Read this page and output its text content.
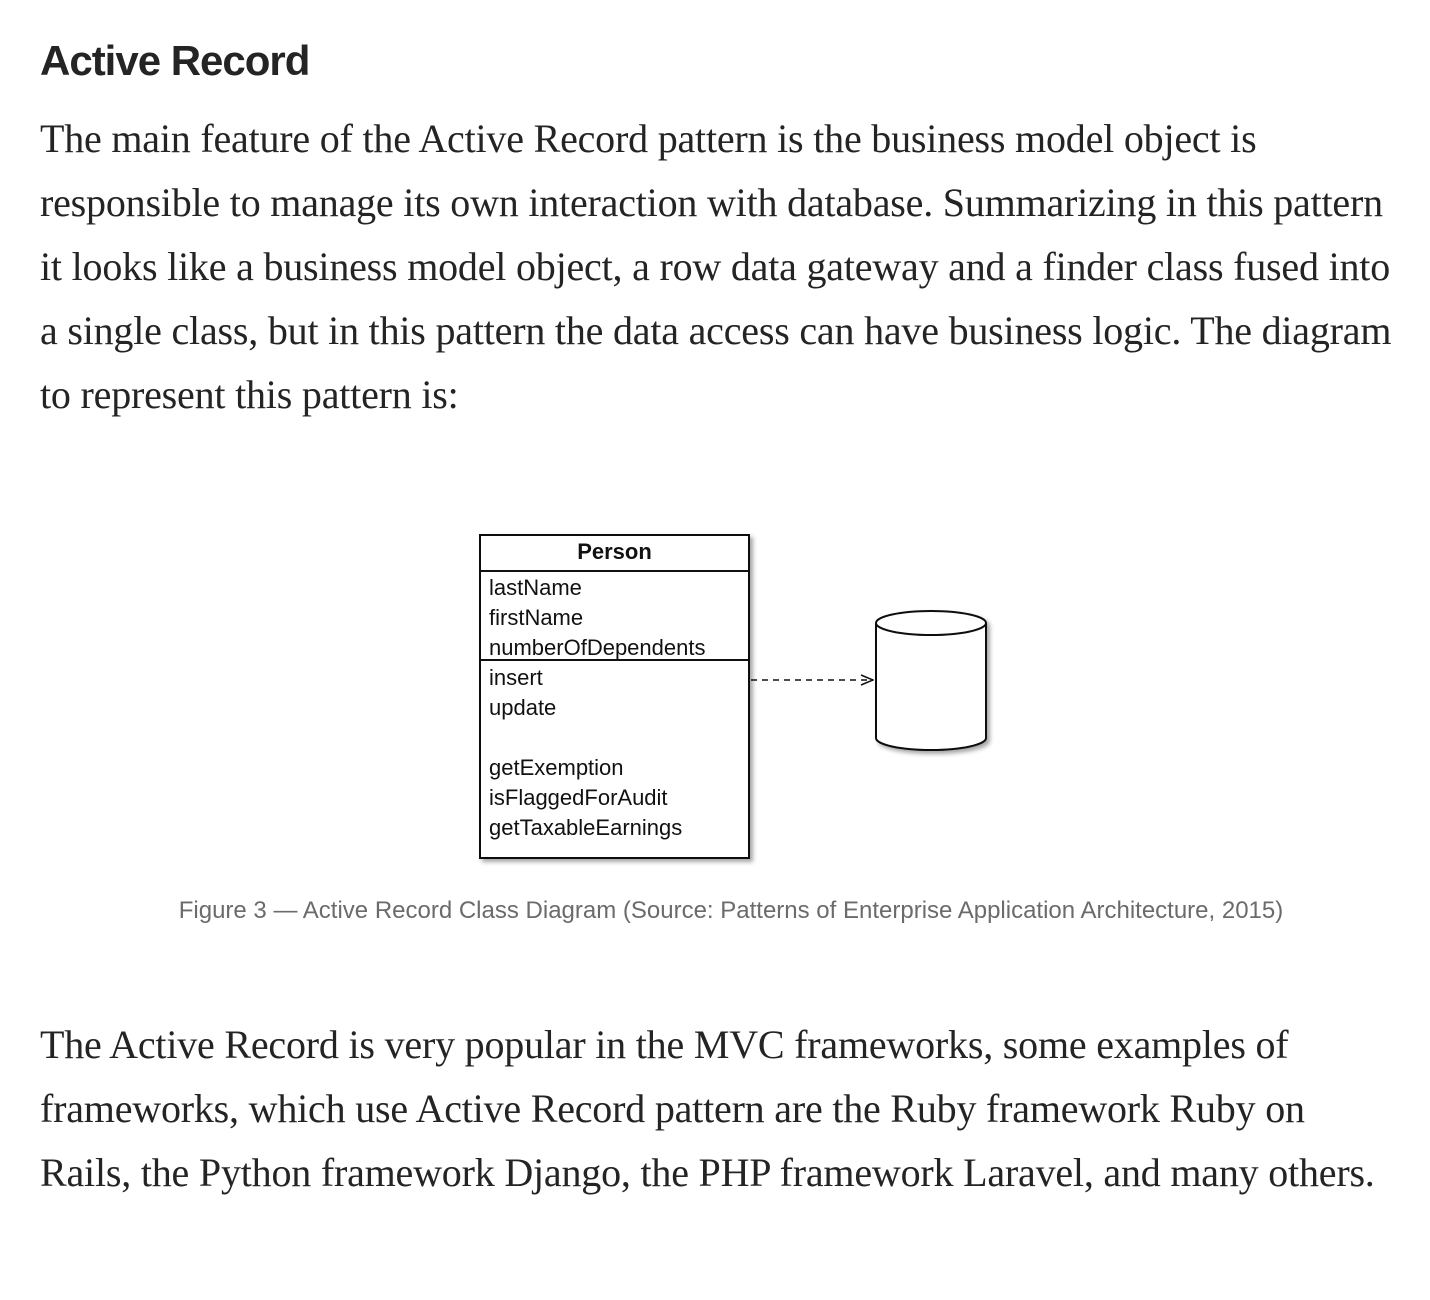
Active Record

The main feature of the Active Record pattern is the business model object is responsible to manage its own interaction with database. Summarizing in this pattern it looks like a business model object, a row data gateway and a finder class fused into a single class, but in this pattern the data access can have business logic. The diagram to represent this pattern is:

Person
lastName
firstName
numberOfDependents
insert
update
getExemption
isFlaggedForAudit
getTaxableEarnings
Figure 3 — Active Record Class Diagram (Source: Patterns of Enterprise Application Architecture, 2015)

The Active Record is very popular in the MVC frameworks, some examples of frameworks, which use Active Record pattern are the Ruby framework Ruby on Rails, the Python framework Django, the PHP framework Laravel, and many others.
